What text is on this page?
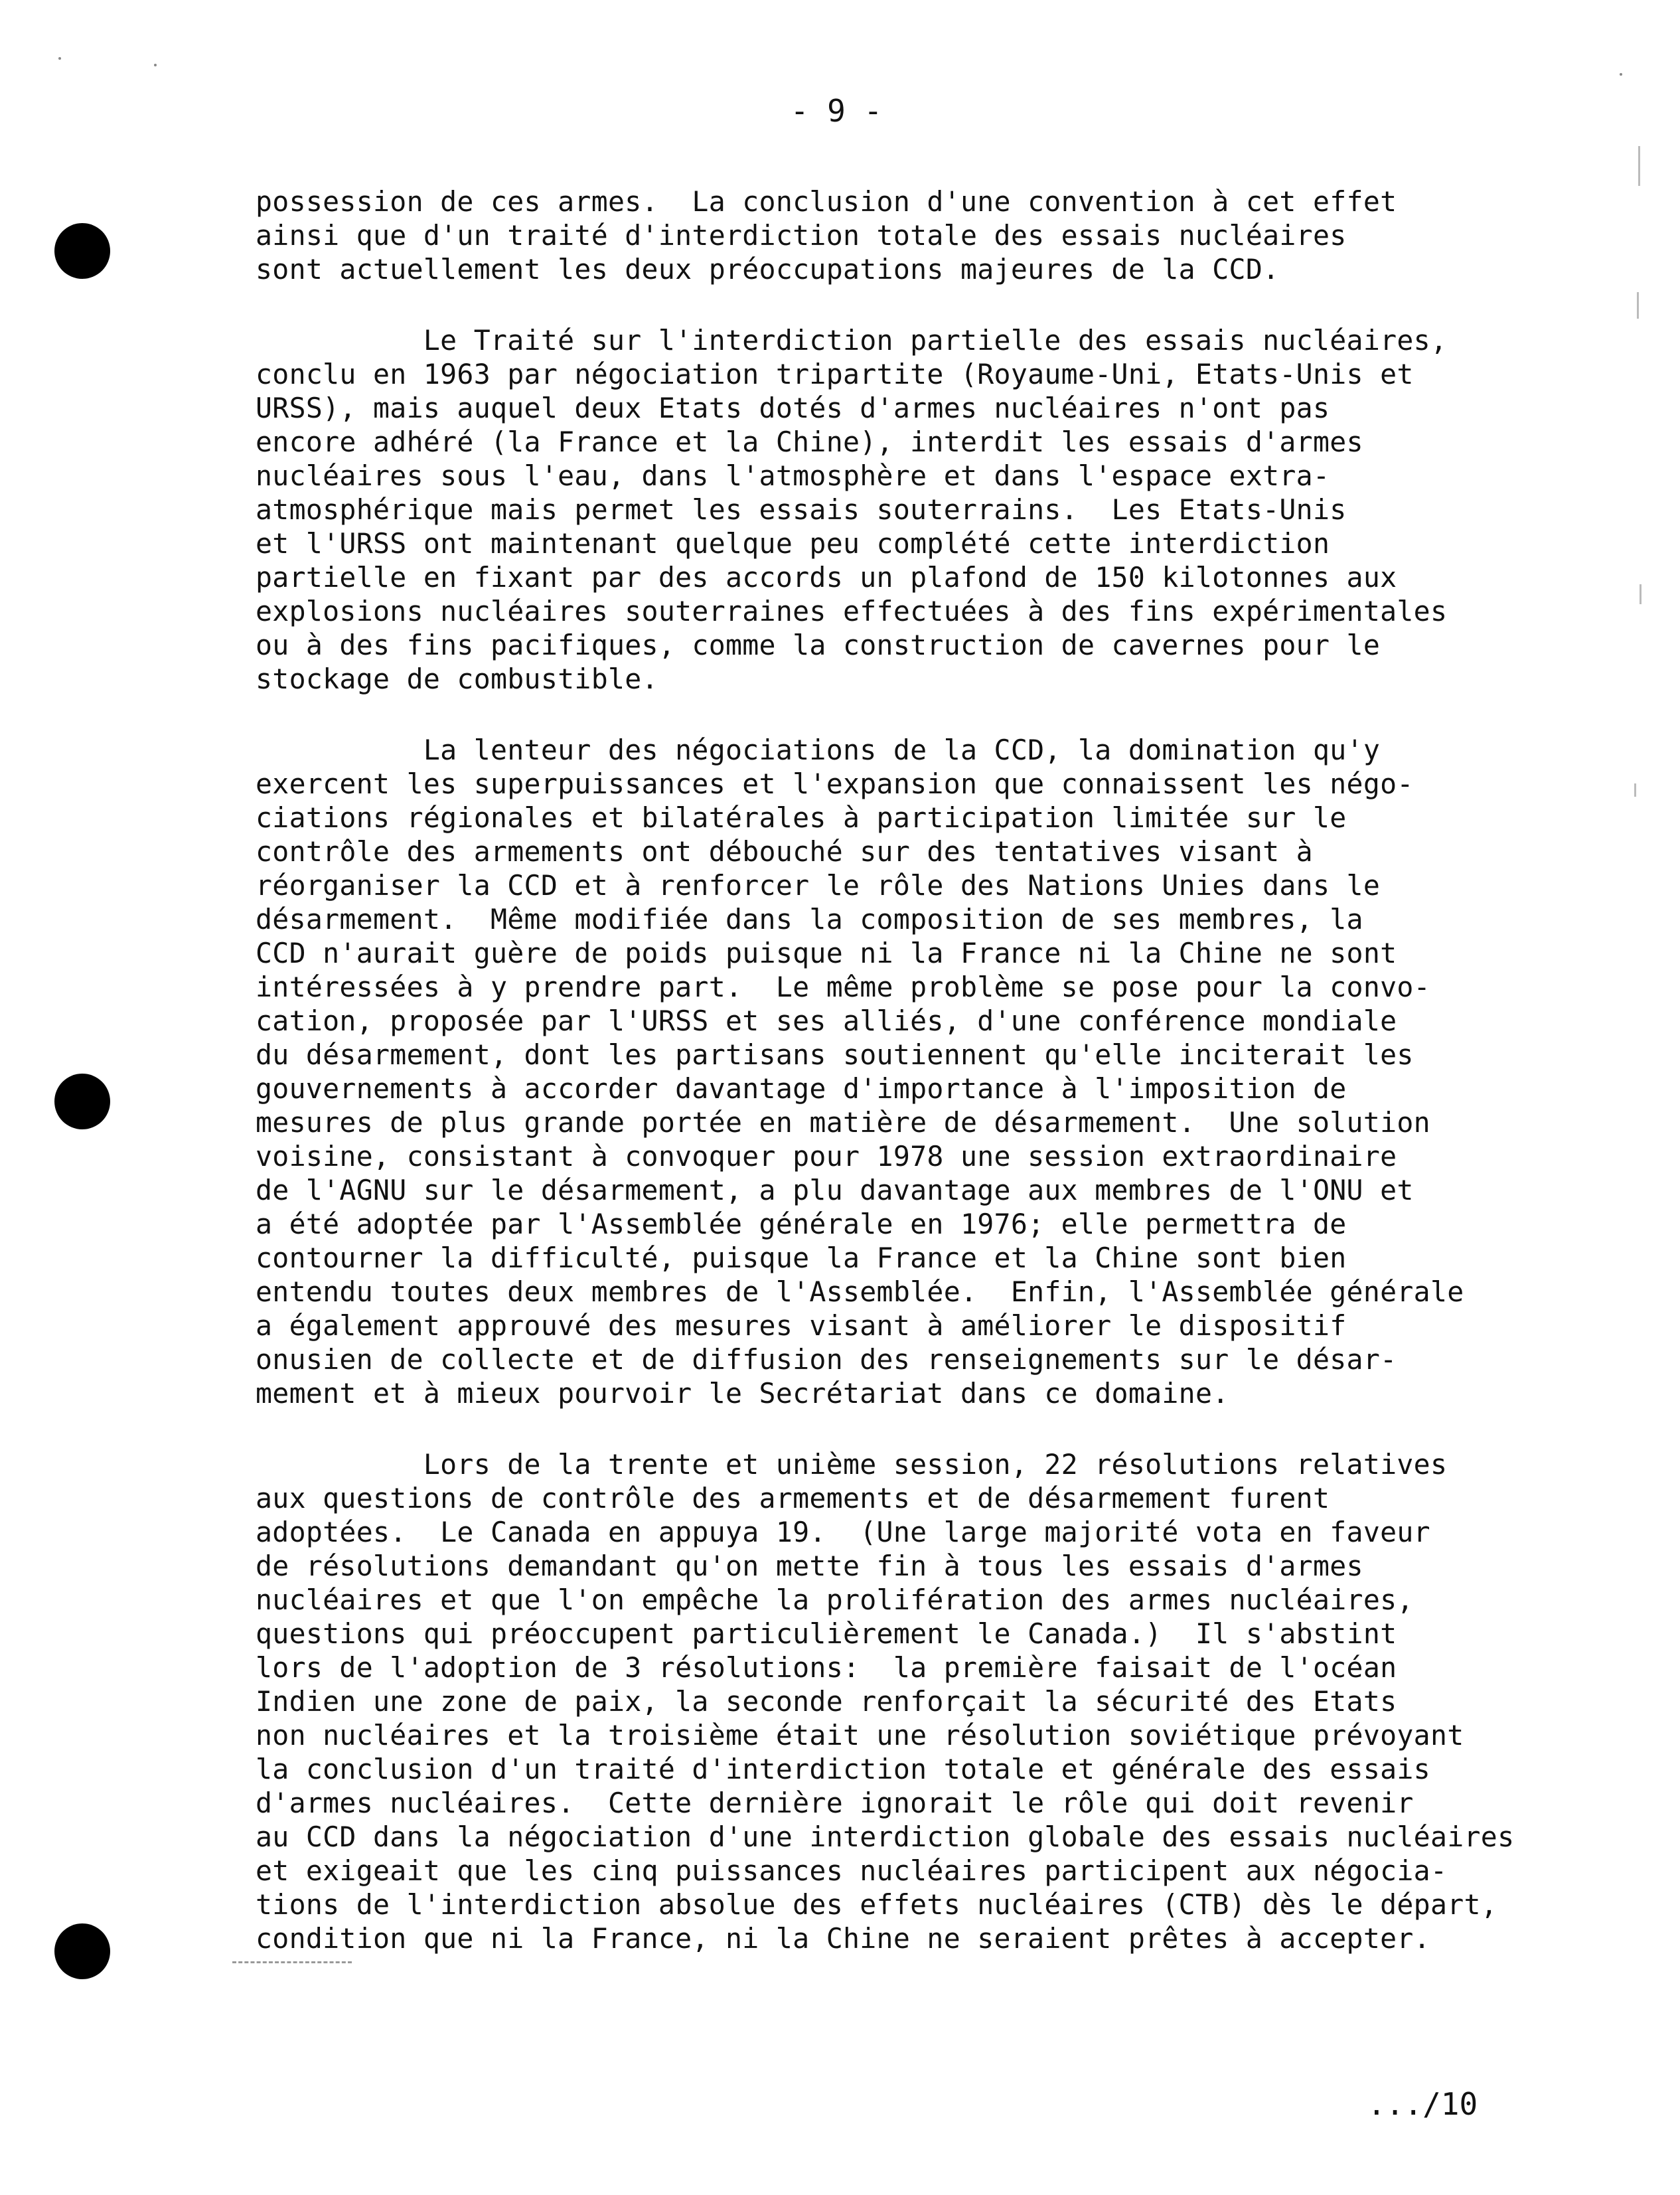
- 9 -
possession de ces armes.  La conclusion d'une convention à cet effet
ainsi que d'un traité d'interdiction totale des essais nucléaires
sont actuellement les deux préoccupations majeures de la CCD.
Le Traité sur l'interdiction partielle des essais nucléaires,
conclu en 1963 par négociation tripartite (Royaume-Uni, Etats-Unis et
URSS), mais auquel deux Etats dotés d'armes nucléaires n'ont pas
encore adhéré (la France et la Chine), interdit les essais d'armes
nucléaires sous l'eau, dans l'atmosphère et dans l'espace extra-
atmosphérique mais permet les essais souterrains.  Les Etats-Unis
et l'URSS ont maintenant quelque peu complété cette interdiction
partielle en fixant par des accords un plafond de 150 kilotonnes aux
explosions nucléaires souterraines effectuées à des fins expérimentales
ou à des fins pacifiques, comme la construction de cavernes pour le
stockage de combustible.
La lenteur des négociations de la CCD, la domination qu'y
exercent les superpuissances et l'expansion que connaissent les négo-
ciations régionales et bilatérales à participation limitée sur le
contrôle des armements ont débouché sur des tentatives visant à
réorganiser la CCD et à renforcer le rôle des Nations Unies dans le
désarmement.  Même modifiée dans la composition de ses membres, la
CCD n'aurait guère de poids puisque ni la France ni la Chine ne sont
intéressées à y prendre part.  Le même problème se pose pour la convo-
cation, proposée par l'URSS et ses alliés, d'une conférence mondiale
du désarmement, dont les partisans soutiennent qu'elle inciterait les
gouvernements à accorder davantage d'importance à l'imposition de
mesures de plus grande portée en matière de désarmement.  Une solution
voisine, consistant à convoquer pour 1978 une session extraordinaire
de l'AGNU sur le désarmement, a plu davantage aux membres de l'ONU et
a été adoptée par l'Assemblée générale en 1976; elle permettra de
contourner la difficulté, puisque la France et la Chine sont bien
entendu toutes deux membres de l'Assemblée.  Enfin, l'Assemblée générale
a également approuvé des mesures visant à améliorer le dispositif
onusien de collecte et de diffusion des renseignements sur le désar-
mement et à mieux pourvoir le Secrétariat dans ce domaine.
Lors de la trente et unième session, 22 résolutions relatives
aux questions de contrôle des armements et de désarmement furent
adoptées.  Le Canada en appuya 19.  (Une large majorité vota en faveur
de résolutions demandant qu'on mette fin à tous les essais d'armes
nucléaires et que l'on empêche la prolifération des armes nucléaires,
questions qui préoccupent particulièrement le Canada.)  Il s'abstint
lors de l'adoption de 3 résolutions:  la première faisait de l'océan
Indien une zone de paix, la seconde renforçait la sécurité des Etats
non nucléaires et la troisième était une résolution soviétique prévoyant
la conclusion d'un traité d'interdiction totale et générale des essais
d'armes nucléaires.  Cette dernière ignorait le rôle qui doit revenir
au CCD dans la négociation d'une interdiction globale des essais nucléaires
et exigeait que les cinq puissances nucléaires participent aux négocia-
tions de l'interdiction absolue des effets nucléaires (CTB) dès le départ,
condition que ni la France, ni la Chine ne seraient prêtes à accepter.
.../10
